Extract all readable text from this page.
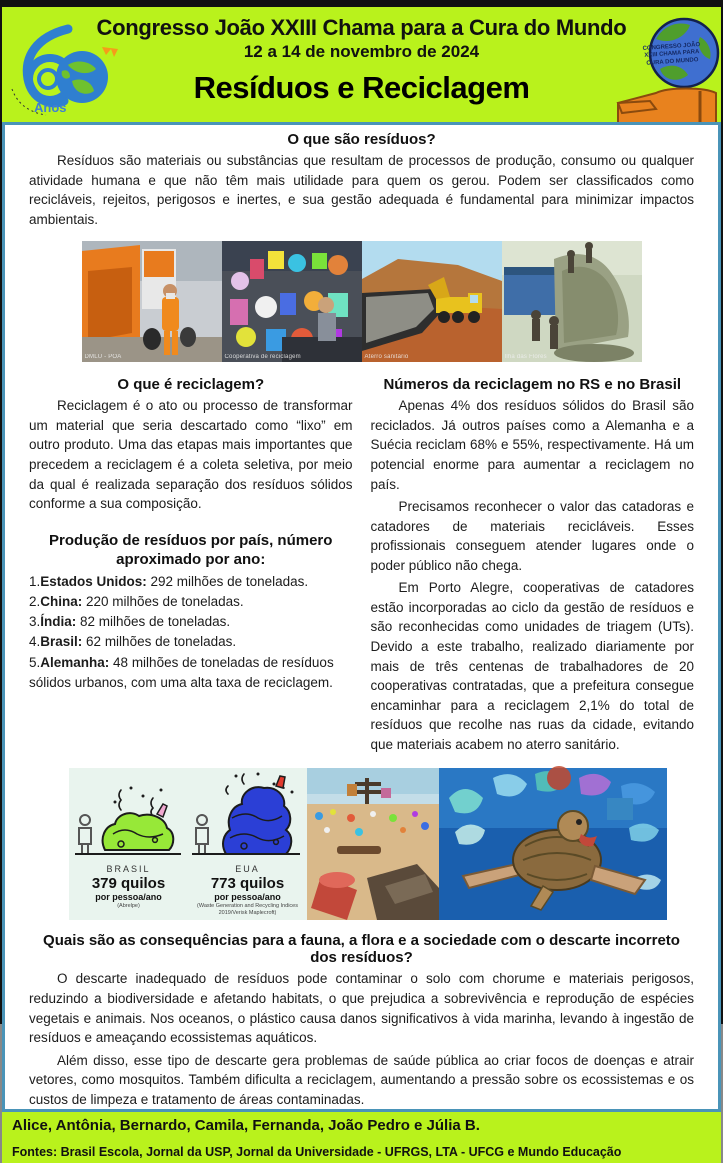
Anos
Congresso João XXIII Chama para a Cura do Mundo
12 a 14 de novembro de 2024
Resíduos e Reciclagem
CONGRESSO JOÃO XXIII CHAMA PARA CURA DO MUNDO
O que são resíduos?

Resíduos são materiais ou substâncias que resultam de processos de produção, consumo ou qualquer atividade humana e que não têm mais utilidade para quem os gerou. Podem ser classificados como recicláveis, rejeitos, perigosos e inertes, e sua gestão adequada é fundamental para minimizar impactos ambientais.

DMLU - POA	Cooperativa de reciclagem	Aterro sanitário	Ilha das Flores
O que é reciclagem?

Reciclagem é o ato ou processo de transformar um material que seria descartado como “lixo” em outro produto. Uma das etapas mais importantes que precedem a reciclagem é a coleta seletiva, por meio da qual é realizada separação dos resíduos sólidos conforme a sua composição.

Produção de resíduos por país, número
aproximado por ano:
1.Estados Unidos: 292 milhões de toneladas.
2.China: 220 milhões de toneladas.
3.Índia: 82 milhões de toneladas.
4.Brasil: 62 milhões de toneladas.
5.Alemanha: 48 milhões de toneladas de resíduos sólidos urbanos, com uma alta taxa de reciclagem.
Números da reciclagem no RS e no Brasil

Apenas 4% dos resíduos sólidos do Brasil são reciclados. Já outros países como a Alemanha e a Suécia reciclam 68% e 55%, respectivamente. Há um potencial enorme para aumentar a reciclagem no país.

Precisamos reconhecer o valor das catadoras e catadores de materiais recicláveis. Esses profissionais conseguem atender lugares onde o poder público não chega.

Em Porto Alegre, cooperativas de catadores estão incorporadas ao ciclo da gestão de resíduos e são reconhecidas como unidades de triagem (UTs). Devido a este trabalho, realizado diariamente por mais de três centenas de trabalhadores de 20 cooperativas contratadas, que a prefeitura consegue encaminhar para a reciclagem 2,1% do total de resíduos que recolhe nas ruas da cidade, evitando que materiais acabem no aterro sanitário.

BRASIL
379 quilos
por pessoa/ano
(Abrelpe)
EUA
773 quilos
por pessoa/ano
(Waste Generation and Recycling Indices 2019/Verisk Maplecroft)
Quais são as consequências para a fauna, a flora e a sociedade com o descarte incorreto dos resíduos?

O descarte inadequado de resíduos pode contaminar o solo com chorume e materiais perigosos, reduzindo a biodiversidade e afetando habitats, o que prejudica a sobrevivência e reprodução de espécies vegetais e animais. Nos oceanos, o plástico causa danos significativos à vida marinha, levando à ingestão de resíduos e ameaçando ecossistemas aquáticos.

Além disso, esse tipo de descarte gera problemas de saúde pública ao criar focos de doenças e atrair vetores, como mosquitos. Também dificulta a reciclagem, aumentando a pressão sobre os ecossistemas e os custos de limpeza e tratamento de áreas contaminadas.

Alice, Antônia, Bernardo, Camila, Fernanda, João Pedro e Júlia B.
Fontes: Brasil Escola, Jornal da USP, Jornal da Universidade - UFRGS, LTA - UFCG e Mundo Educação
